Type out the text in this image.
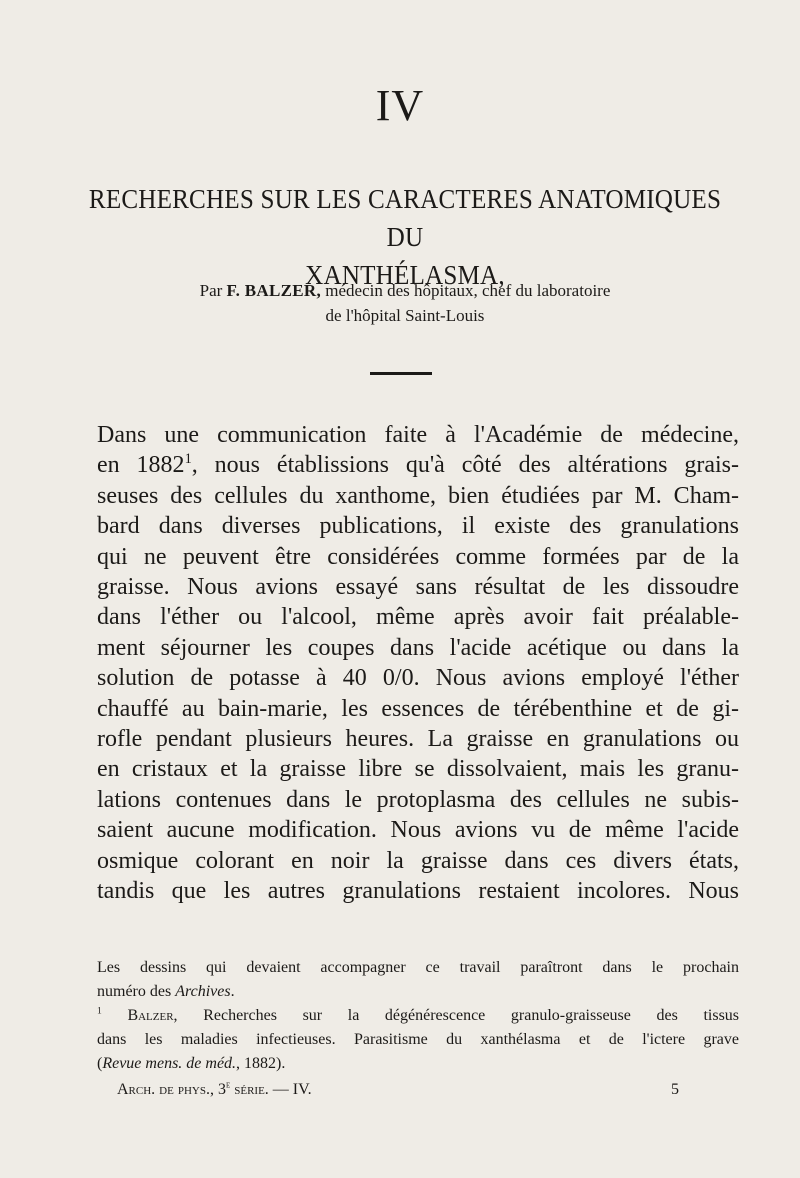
IV
RECHERCHES SUR LES CARACTERES ANATOMIQUES DU
XANTHÉLASMA,
Par F. BALZER, médecin des hôpitaux, chef du laboratoire
de l'hôpital Saint-Louis
Dans une communication faite à l'Académie de médecine,
en 1882$^1$, nous établissions qu'à côté des altérations grais-
seuses des cellules du xanthome, bien étudiées par M. Cham-
bard dans diverses publications, il existe des granulations
qui ne peuvent être considérées comme formées par de la
graisse. Nous avions essayé sans résultat de les dissoudre
dans l'éther ou l'alcool, même après avoir fait préalable-
ment séjourner les coupes dans l'acide acétique ou dans la
solution de potasse à 40 0/0. Nous avions employé l'éther
chauffé au bain-marie, les essences de térébenthine et de gi-
rofle pendant plusieurs heures. La graisse en granulations ou
en cristaux et la graisse libre se dissolvaient, mais les granu-
lations contenues dans le protoplasma des cellules ne subis-
saient aucune modification. Nous avions vu de même l'acide
osmique colorant en noir la graisse dans ces divers états,
tandis que les autres granulations restaient incolores. Nous
Les dessins qui devaient accompagner ce travail paraîtront dans le prochain
numéro des Archives.
$^1$ Balzer, Recherches sur la dégénérescence granulo-graisseuse des tissus
dans les maladies infectieuses. Parasitisme du xanthélasma et de l'ictere grave
(Revue mens. de méd., 1882).
Arch. de phys., 3e série. — IV.	5
